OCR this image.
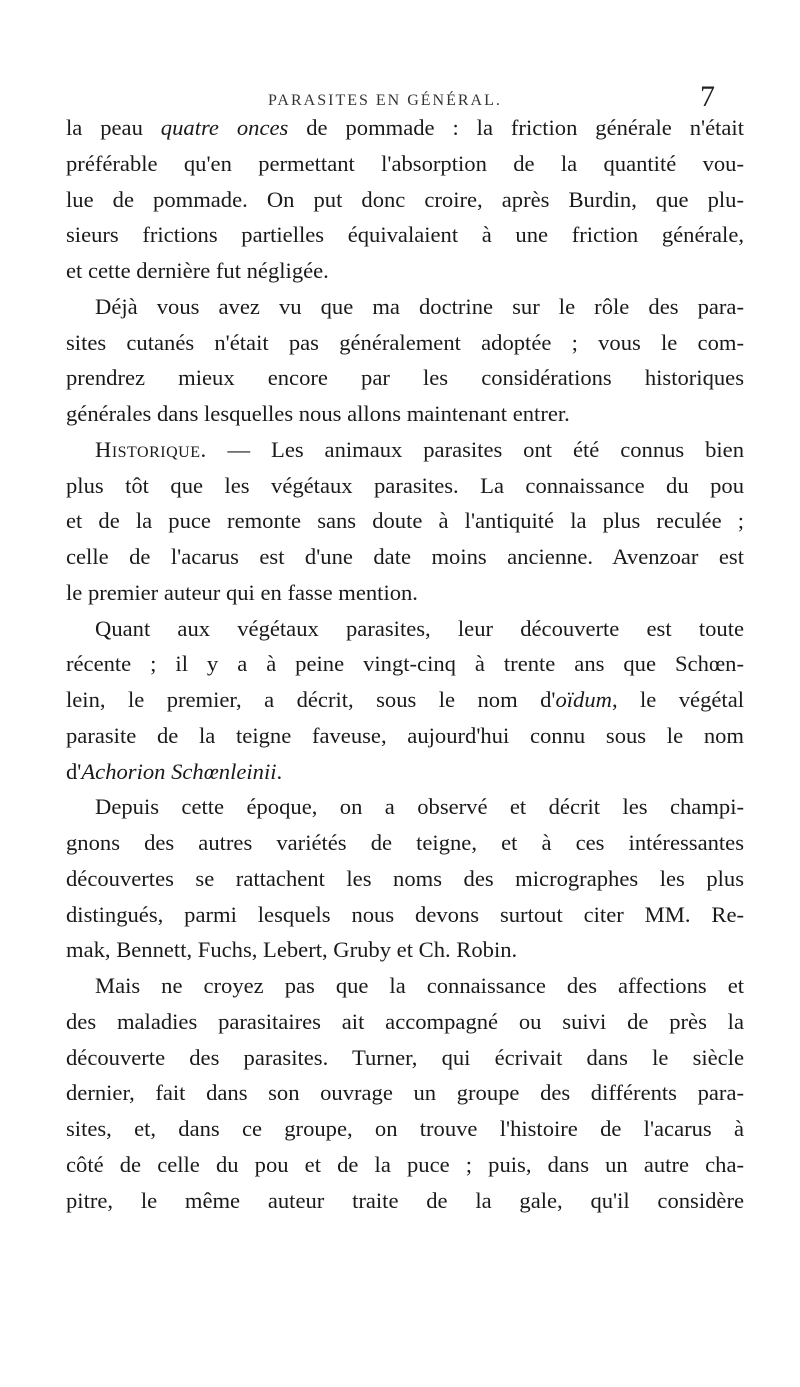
PARASITES EN GÉNÉRAL.	7
la peau quatre onces de pommade : la friction générale n'était
préférable qu'en permettant l'absorption de la quantité vou-
lue de pommade. On put donc croire, après Burdin, que plu-
sieurs frictions partielles équivalaient à une friction générale,
et cette dernière fut négligée.
Déjà vous avez vu que ma doctrine sur le rôle des para-
sites cutanés n'était pas généralement adoptée ; vous le com-
prendrez mieux encore par les considérations historiques
générales dans lesquelles nous allons maintenant entrer.
Historique. — Les animaux parasites ont été connus bien
plus tôt que les végétaux parasites. La connaissance du pou
et de la puce remonte sans doute à l'antiquité la plus reculée ;
celle de l'acarus est d'une date moins ancienne. Avenzoar est
le premier auteur qui en fasse mention.
Quant aux végétaux parasites, leur découverte est toute
récente ; il y a à peine vingt-cinq à trente ans que Schœn-
lein, le premier, a décrit, sous le nom d'oïdum, le végétal
parasite de la teigne faveuse, aujourd'hui connu sous le nom
d'Achorion Schœnleinii.
Depuis cette époque, on a observé et décrit les champi-
gnons des autres variétés de teigne, et à ces intéressantes
découvertes se rattachent les noms des micrographes les plus
distingués, parmi lesquels nous devons surtout citer MM. Re-
mak, Bennett, Fuchs, Lebert, Gruby et Ch. Robin.
Mais ne croyez pas que la connaissance des affections et
des maladies parasitaires ait accompagné ou suivi de près la
découverte des parasites. Turner, qui écrivait dans le siècle
dernier, fait dans son ouvrage un groupe des différents para-
sites, et, dans ce groupe, on trouve l'histoire de l'acarus à
côté de celle du pou et de la puce ; puis, dans un autre cha-
pitre, le même auteur traite de la gale, qu'il considère
